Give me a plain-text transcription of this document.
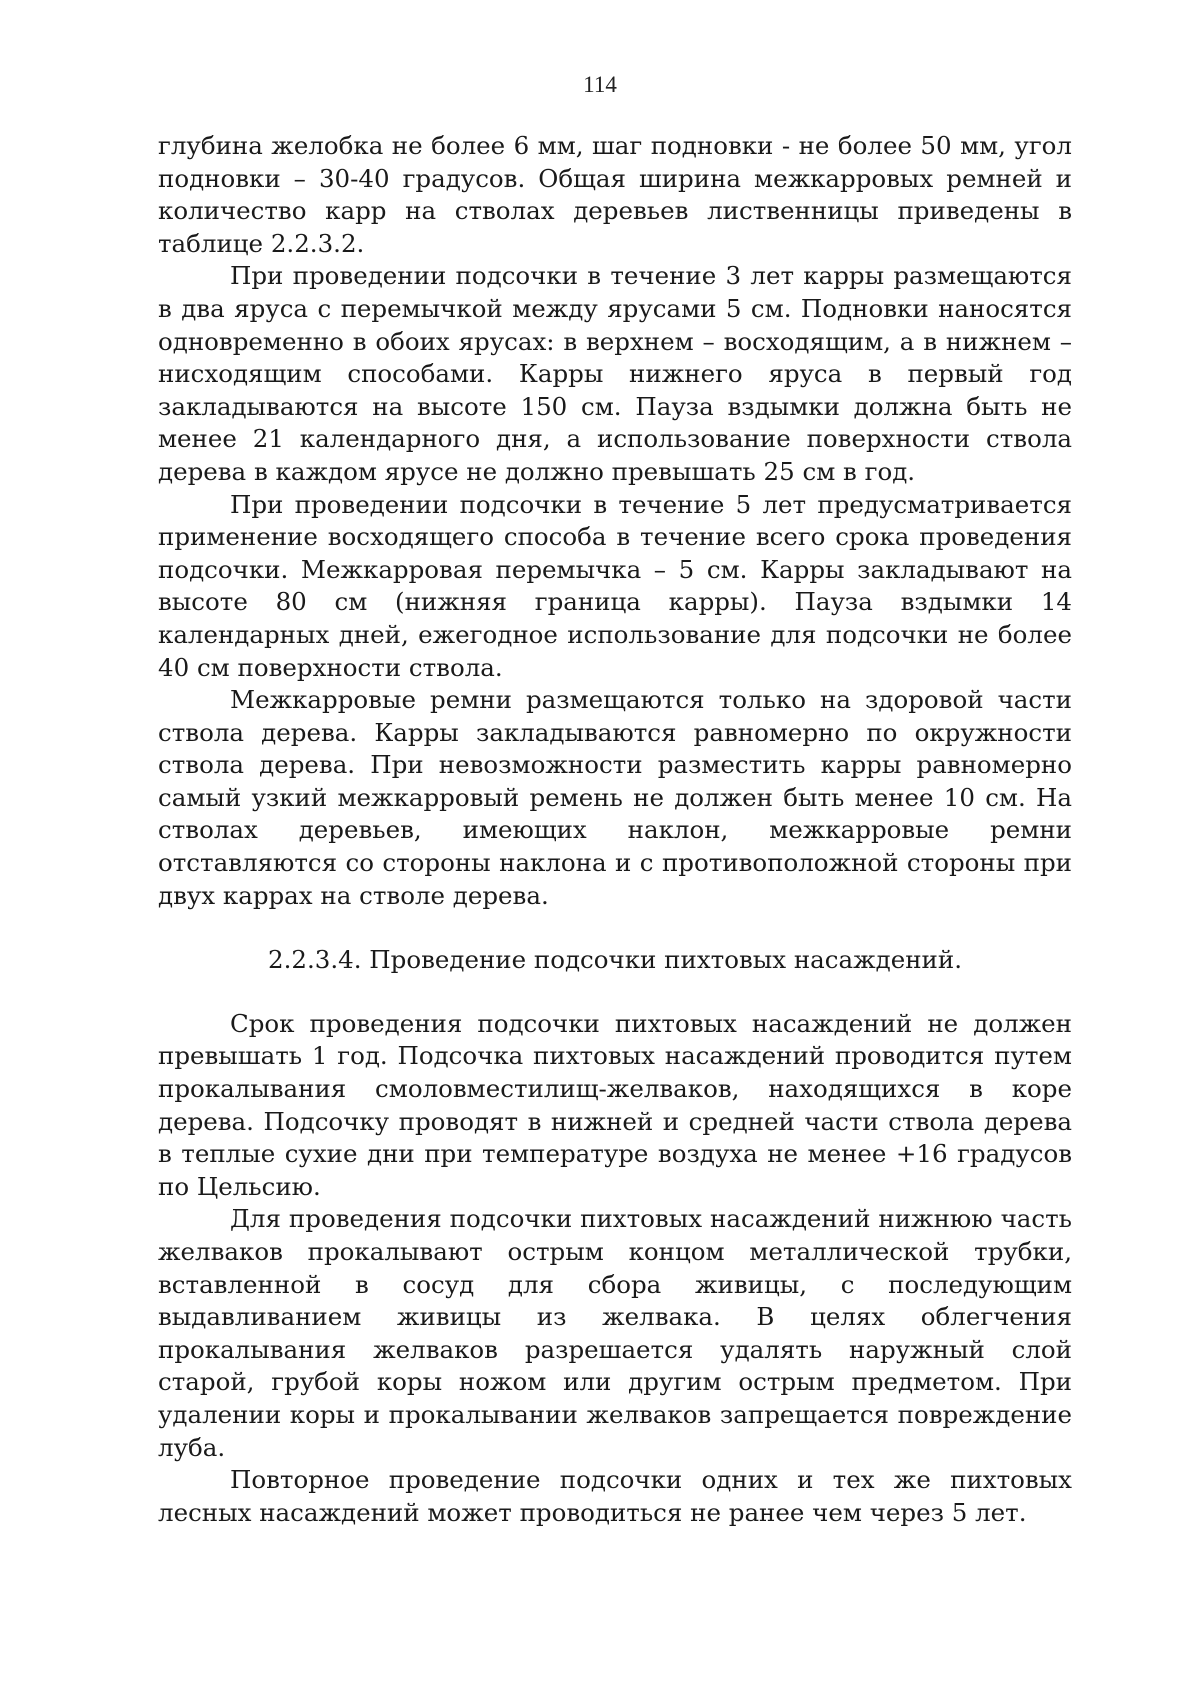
114

глубина желобка не более 6 мм, шаг подновки - не более 50 мм, угол подновки – 30-40 градусов. Общая ширина межкарровых ремней и количество карр на стволах деревьев лиственницы приведены в таблице 2.2.3.2.

При проведении подсочки в течение 3 лет карры размещаются в два яруса с перемычкой между ярусами 5 см. Подновки наносятся одновременно в обоих ярусах: в верхнем – восходящим, а в нижнем – нисходящим способами. Карры нижнего яруса в первый год закладываются на высоте 150 см. Пауза вздымки должна быть не менее 21 календарного дня, а использование поверхности ствола дерева в каждом ярусе не должно превышать 25 см в год.

При проведении подсочки в течение 5 лет предусматривается применение восходящего способа в течение всего срока проведения подсочки. Межкарровая перемычка – 5 см. Карры закладывают на высоте 80 см (нижняя граница карры). Пауза вздымки 14 календарных дней, ежегодное использование для подсочки не более 40 см поверхности ствола.

Межкарровые ремни размещаются только на здоровой части ствола дерева. Карры закладываются равномерно по окружности ствола дерева. При невозможности разместить карры равномерно самый узкий межкарровый ремень не должен быть менее 10 см. На стволах деревьев, имеющих наклон, межкарровые ремни отставляются со стороны наклона и с противоположной стороны при двух каррах на стволе дерева.

2.2.3.4. Проведение подсочки пихтовых насаждений.

Срок проведения подсочки пихтовых насаждений не должен превышать 1 год. Подсочка пихтовых насаждений проводится путем прокалывания смоловместилищ-желваков, находящихся в коре дерева. Подсочку проводят в нижней и средней части ствола дерева в теплые сухие дни при температуре воздуха не менее +16 градусов по Цельсию.

Для проведения подсочки пихтовых насаждений нижнюю часть желваков прокалывают острым концом металлической трубки, вставленной в сосуд для сбора живицы, с последующим выдавливанием живицы из желвака. В целях облегчения прокалывания желваков разрешается удалять наружный слой старой, грубой коры ножом или другим острым предметом. При удалении коры и прокалывании желваков запрещается повреждение луба.

Повторное проведение подсочки одних и тех же пихтовых лесных насаждений может проводиться не ранее чем через 5 лет.
